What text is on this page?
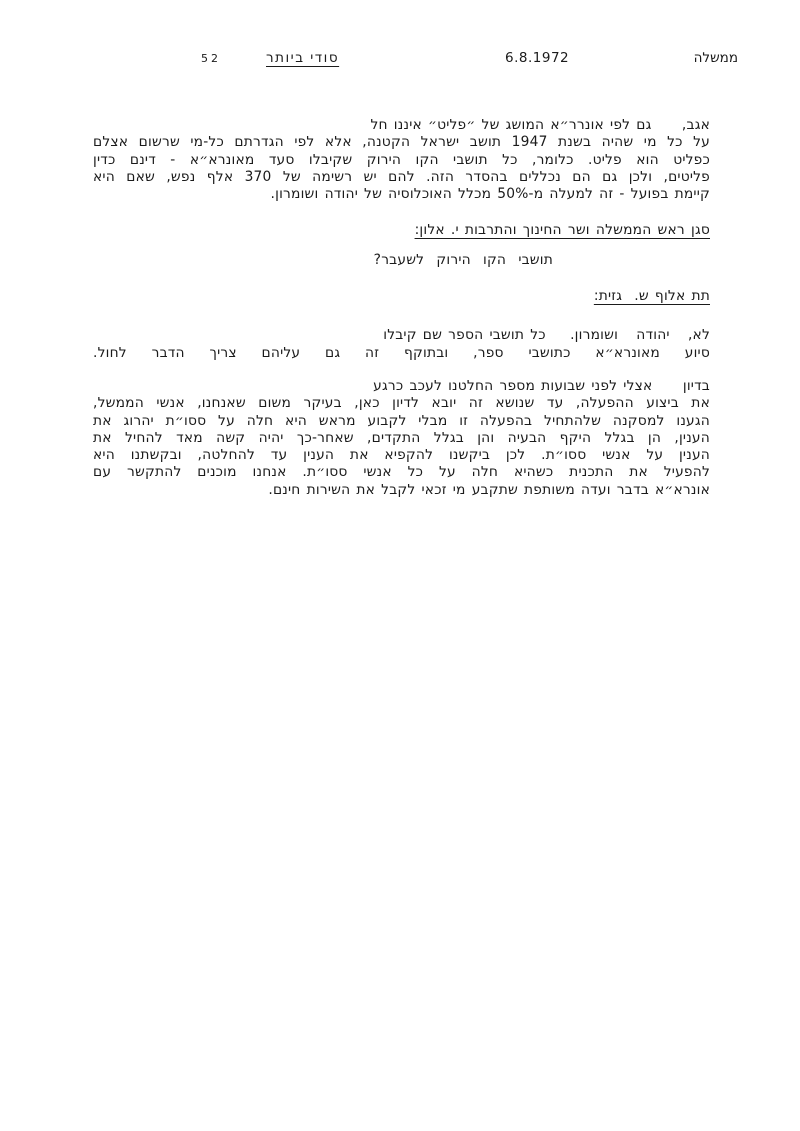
ממשלה
6.8.1972
סודי ביותר
52
אגב,     גם לפי אונרר״א המושג של ״פליט״ איננו חל
על כל מי שהיה בשנת 1947 תושב ישראל הקטנה, אלא לפי הגדרתם כל-מי שרשום אצלם
כפליט הוא פליט. כלומר, כל תושבי הקו הירוק שקיבלו סעד מאונרא״א - דינם כדין
פליטים, ולכן גם הם נכללים בהסדר הזה. להם יש רשימה של 370 אלף נפש, שאם היא
קיימת בפועל - זה למעלה מ-50% מכלל האוכלוסיה של יהודה ושומרון.
סגן ראש הממשלה ושר החינוך והתרבות י. אלון:
תושבי  הקו  הירוק  לשעבר?
תת אלוף ש.  גזית:
לא,   יהודה   ושומרון.    כל תושבי הספר שם קיבלו
סיוע מאונרא״א כתושבי ספר, ובתוקף זה גם עליהם צריך הדבר לחול.
בדיון     אצלי לפני שבועות מספר החלטנו לעכב כרגע
את ביצוע ההפעלה, עד שנושא זה יובא לדיון כאן, בעיקר משום שאנחנו, אנשי הממשל,
הגענו למסקנה שלהתחיל בהפעלה זו מבלי לקבוע מראש היא חלה על ססו״ת יהרוג את
הענין, הן בגלל היקף הבעיה והן בגלל התקדים, שאחר-כך יהיה קשה מאד להחיל את
הענין על אנשי ססו״ת. לכן ביקשנו להקפיא את הענין עד להחלטה, ובקשתנו היא
להפעיל את התכנית כשהיא חלה על כל אנשי ססו״ת. אנחנו מוכנים להתקשר עם
אונרא״א בדבר ועדה משותפת שתקבע מי זכאי לקבל את השירות חינם.
